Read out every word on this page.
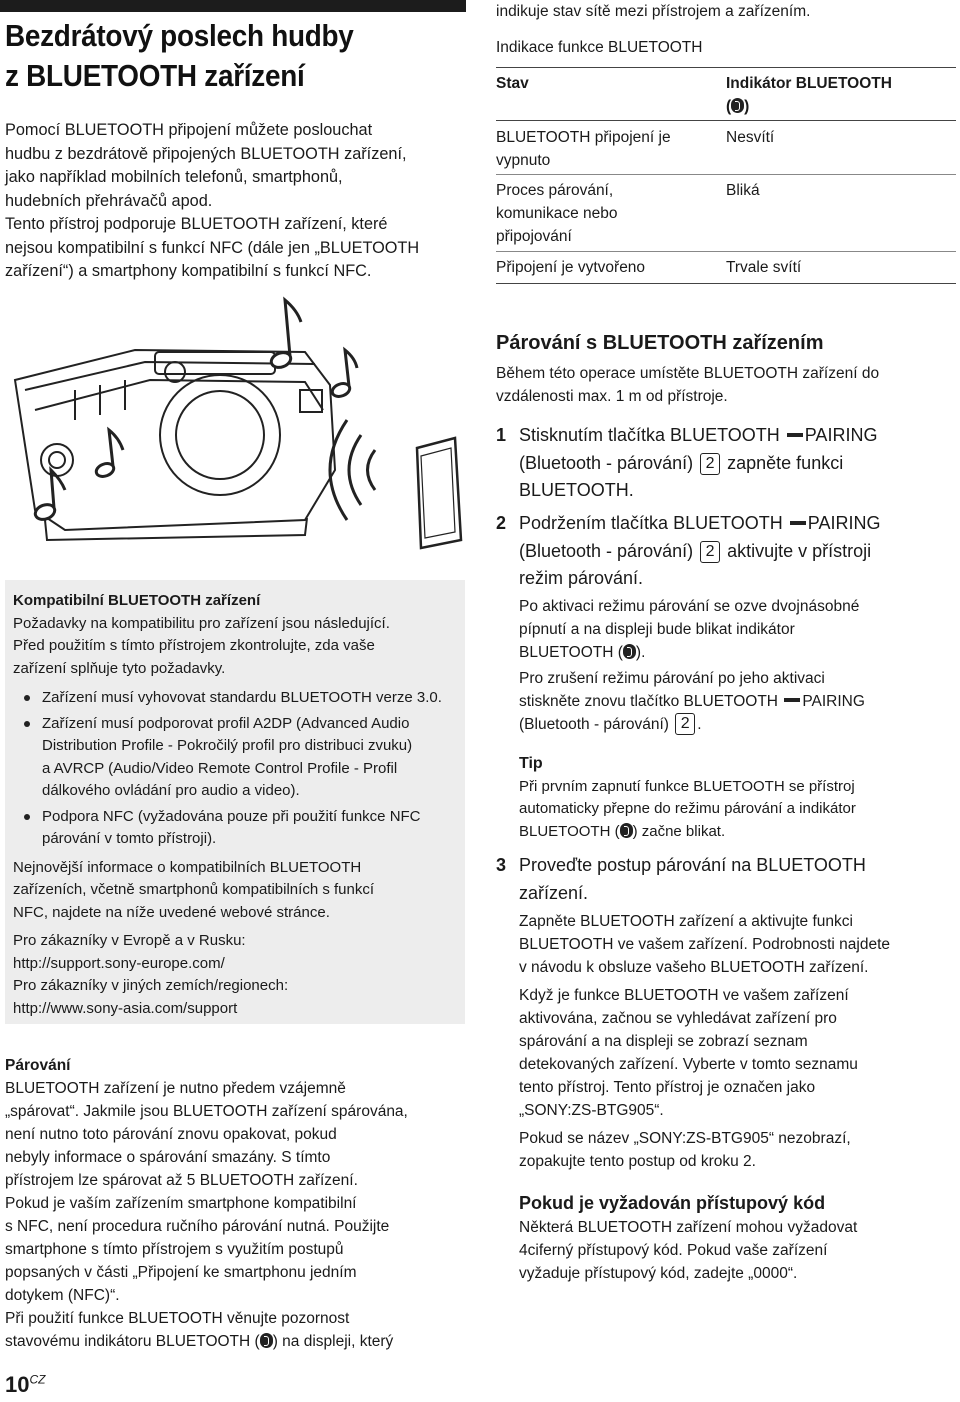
Bezdrátový poslech hudby
z BLUETOOTH zařízení

Pomocí BLUETOOTH připojení můžete poslouchat

hudbu z bezdrátově připojených BLUETOOTH zařízení,

jako například mobilních telefonů, smartphonů,

hudebních přehrávačů apod.

Tento přístroj podporuje BLUETOOTH zařízení, které

nejsou kompatibilní s funkcí NFC (dále jen „BLUETOOTH

zařízení“) a smartphony kompatibilní s funkcí NFC.

Kompatibilní BLUETOOTH zařízení

Požadavky na kompatibilitu pro zařízení jsou následující.

Před použitím s tímto přístrojem zkontrolujte, zda vaše

zařízení splňuje tyto požadavky.

Zařízení musí vyhovovat standardu BLUETOOTH verze 3.0.

Zařízení musí podporovat profil A2DP (Advanced Audio

Distribution Profile - Pokročilý profil pro distribuci zvuku)

a AVRCP (Audio/Video Remote Control Profile - Profil

dálkového ovládání pro audio a video).

Podpora NFC (vyžadována pouze při použití funkce NFC

párování v tomto přístroji).

Nejnovější informace o kompatibilních BLUETOOTH

zařízeních, včetně smartphonů kompatibilních s funkcí

NFC, najdete na níže uvedené webové stránce.

Pro zákazníky v Evropě a v Rusku:

http://support.sony-europe.com/

Pro zákazníky v jiných zemích/regionech:

http://www.sony-asia.com/support

Párování

BLUETOOTH zařízení je nutno předem vzájemně

„spárovat“. Jakmile jsou BLUETOOTH zařízení spárována,

není nutno toto párování znovu opakovat, pokud

nebyly informace o spárování smazány. S tímto

přístrojem lze spárovat až 5 BLUETOOTH zařízení.

Pokud je vaším zařízením smartphone kompatibilní

s NFC, není procedura ručního párování nutná. Použijte

smartphone s tímto přístrojem s využitím postupů

popsaných v části „Připojení ke smartphonu jedním

dotykem (NFC)“.

Při použití funkce BLUETOOTH věnujte pozornost

stavovému indikátoru BLUETOOTH ( ) na displeji, který

$10^{CZ}$
indikuje stav sítě mezi přístrojem a zařízením.
Indikace funkce BLUETOOTH
Stav	Indikátor BLUETOOTH

( )

BLUETOOTH připojení je

vypnuto

Nesvítí

Proces párování,

komunikace nebo

připojování

Bliká

Připojení je vytvořeno	Trvale svítí
Párování s BLUETOOTH zařízením

Během této operace umístěte BLUETOOTH zařízení do

vzdálenosti max. 1 m od přístroje.

1 Stisknutím tlačítka BLUETOOTH PAIRING

(Bluetooth - párování) 2 zapněte funkci

BLUETOOTH.

2 Podržením tlačítka BLUETOOTH PAIRING

(Bluetooth - párování) 2 aktivujte v přístroji

režim párování.

Po aktivaci režimu párování se ozve dvojnásobné

pípnutí a na displeji bude blikat indikátor

BLUETOOTH ( ).

Pro zrušení režimu párování po jeho aktivaci

stiskněte znovu tlačítko BLUETOOTH PAIRING

(Bluetooth - párování) 2 .

Tip

Při prvním zapnutí funkce BLUETOOTH se přístroj

automaticky přepne do režimu párování a indikátor

BLUETOOTH ( ) začne blikat.

3 Proveďte postup párování na BLUETOOTH

zařízení.

Zapněte BLUETOOTH zařízení a aktivujte funkci

BLUETOOTH ve vašem zařízení. Podrobnosti najdete

v návodu k obsluze vašeho BLUETOOTH zařízení.

Když je funkce BLUETOOTH ve vašem zařízení

aktivována, začnou se vyhledávat zařízení pro

spárování a na displeji se zobrazí seznam

detekovaných zařízení. Vyberte v tomto seznamu

tento přístroj. Tento přístroj je označen jako

„SONY:ZS-BTG905“.

Pokud se název „SONY:ZS-BTG905“ nezobrazí,

zopakujte tento postup od kroku 2.

Pokud je vyžadován přístupový kód

Některá BLUETOOTH zařízení mohou vyžadovat

4ciferný přístupový kód. Pokud vaše zařízení

vyžaduje přístupový kód, zadejte „0000“.
